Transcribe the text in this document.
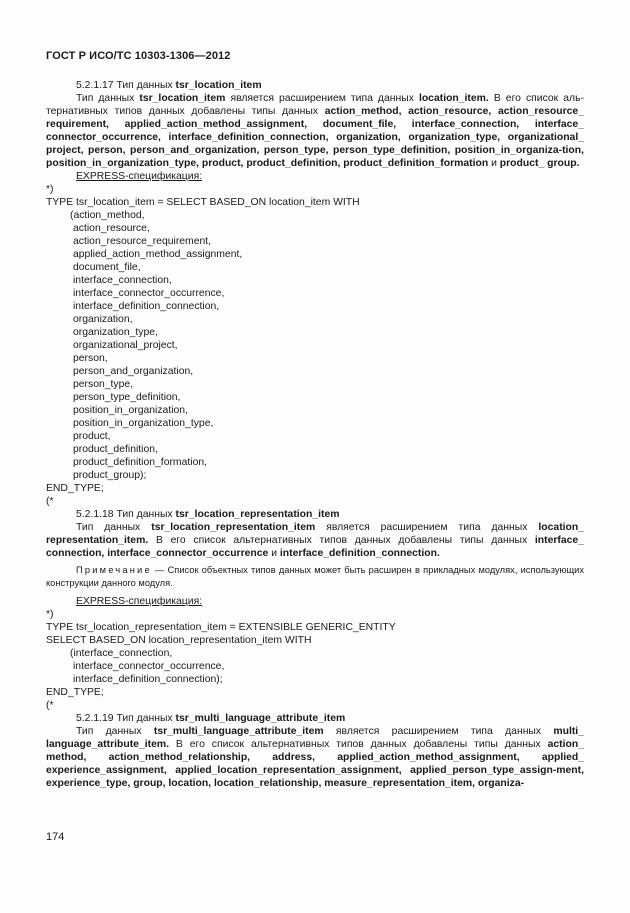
ГОСТ Р ИСО/ТС 10303-1306—2012

5.2.1.17 Тип данных tsr_location_item

Тип данных tsr_location_item является расширением типа данных location_item. В его список аль-тернативных типов данных добавлены типы данных action_method, action_resource, action_resource_ requirement, applied_action_method_assignment, document_file, interface_connection, interface_ connector_occurrence, interface_definition_connection, organization, organization_type, organizational_ project, person, person_and_organization, person_type, person_type_definition, position_in_organiza-tion, position_in_organization_type, product, product_definition, product_definition_formation и product_ group.

EXPRESS-спецификация:

*)

TYPE tsr_location_item = SELECT BASED_ON location_item WITH

(action_method,

action_resource,

action_resource_requirement,

applied_action_method_assignment,

document_file,

interface_connection,

interface_connector_occurrence,

interface_definition_connection,

organization,

organization_type,

organizational_project,

person,

person_and_organization,

person_type,

person_type_definition,

position_in_organization,

position_in_organization_type,

product,

product_definition,

product_definition_formation,

product_group);

END_TYPE;

(*

5.2.1.18 Тип данных tsr_location_representation_item

Тип данных tsr_location_representation_item является расширением типа данных location_ representation_item. В его список альтернативных типов данных добавлены типы данных interface_ connection, interface_connector_occurrence и interface_definition_connection.

Примечание — Список объектных типов данных может быть расширен в прикладных модулях, использующих конструкции данного модуля.

EXPRESS-спецификация:

*)

TYPE tsr_location_representation_item = EXTENSIBLE GENERIC_ENTITY

SELECT BASED_ON location_representation_item WITH

(interface_connection,

interface_connector_occurrence,

interface_definition_connection);

END_TYPE;

(*

5.2.1.19 Тип данных tsr_multi_language_attribute_item

Тип данных tsr_multi_language_attribute_item является расширением типа данных multi_ language_attribute_item. В его список альтернативных типов данных добавлены типы данных action_ method, action_method_relationship, address, applied_action_method_assignment, applied_ experience_assignment, applied_location_representation_assignment, applied_person_type_assign-ment, experience_type, group, location, location_relationship, measure_representation_item, organiza-

174
